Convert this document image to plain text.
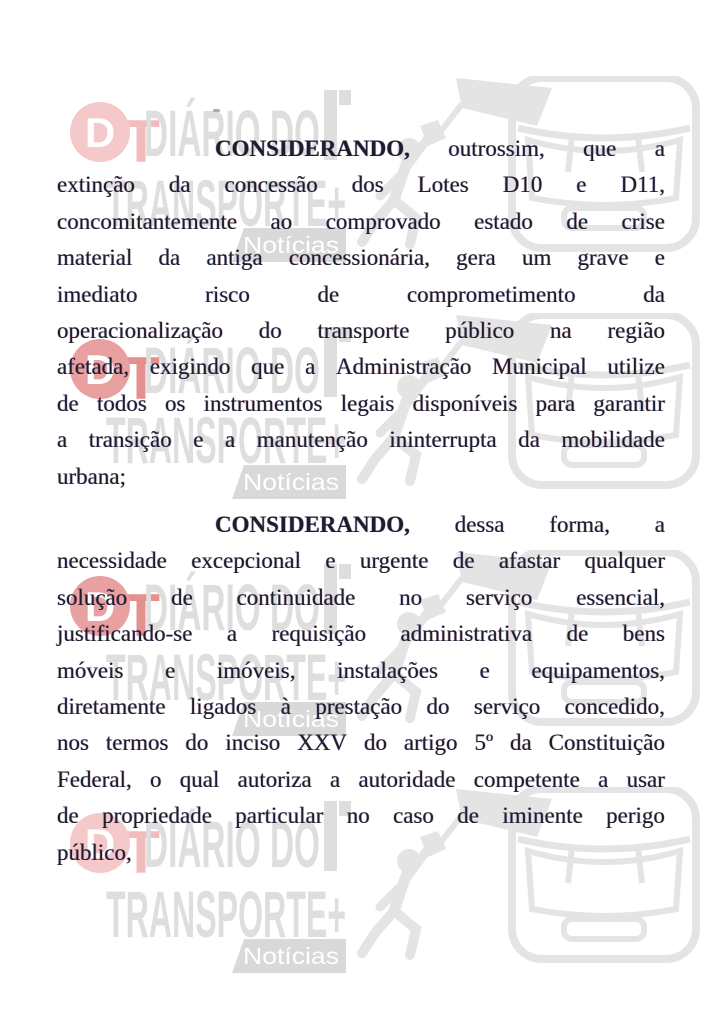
CONSIDERANDO, outrossim, que a
extinção da concessão dos Lotes D10 e D11,
concomitantemente ao comprovado estado de crise
material da antiga concessionária, gera um grave e
imediato	risco	de	comprometimento	da
operacionalização do transporte público na região
afetada, exigindo que a Administração Municipal utilize
de todos os instrumentos legais disponíveis para garantir
a transição e a manutenção ininterrupta da mobilidade
urbana;
CONSIDERANDO, dessa forma, a
necessidade excepcional e urgente de afastar qualquer
solução de continuidade no serviço essencial,
justificando-se a requisição administrativa de bens
móveis e imóveis, instalações e equipamentos,
diretamente ligados à prestação do serviço concedido,
nos termos do inciso XXV do artigo 5º da Constituição
Federal, o qual autoriza a autoridade competente a usar
de propriedade particular no caso de iminente perigo
público,
